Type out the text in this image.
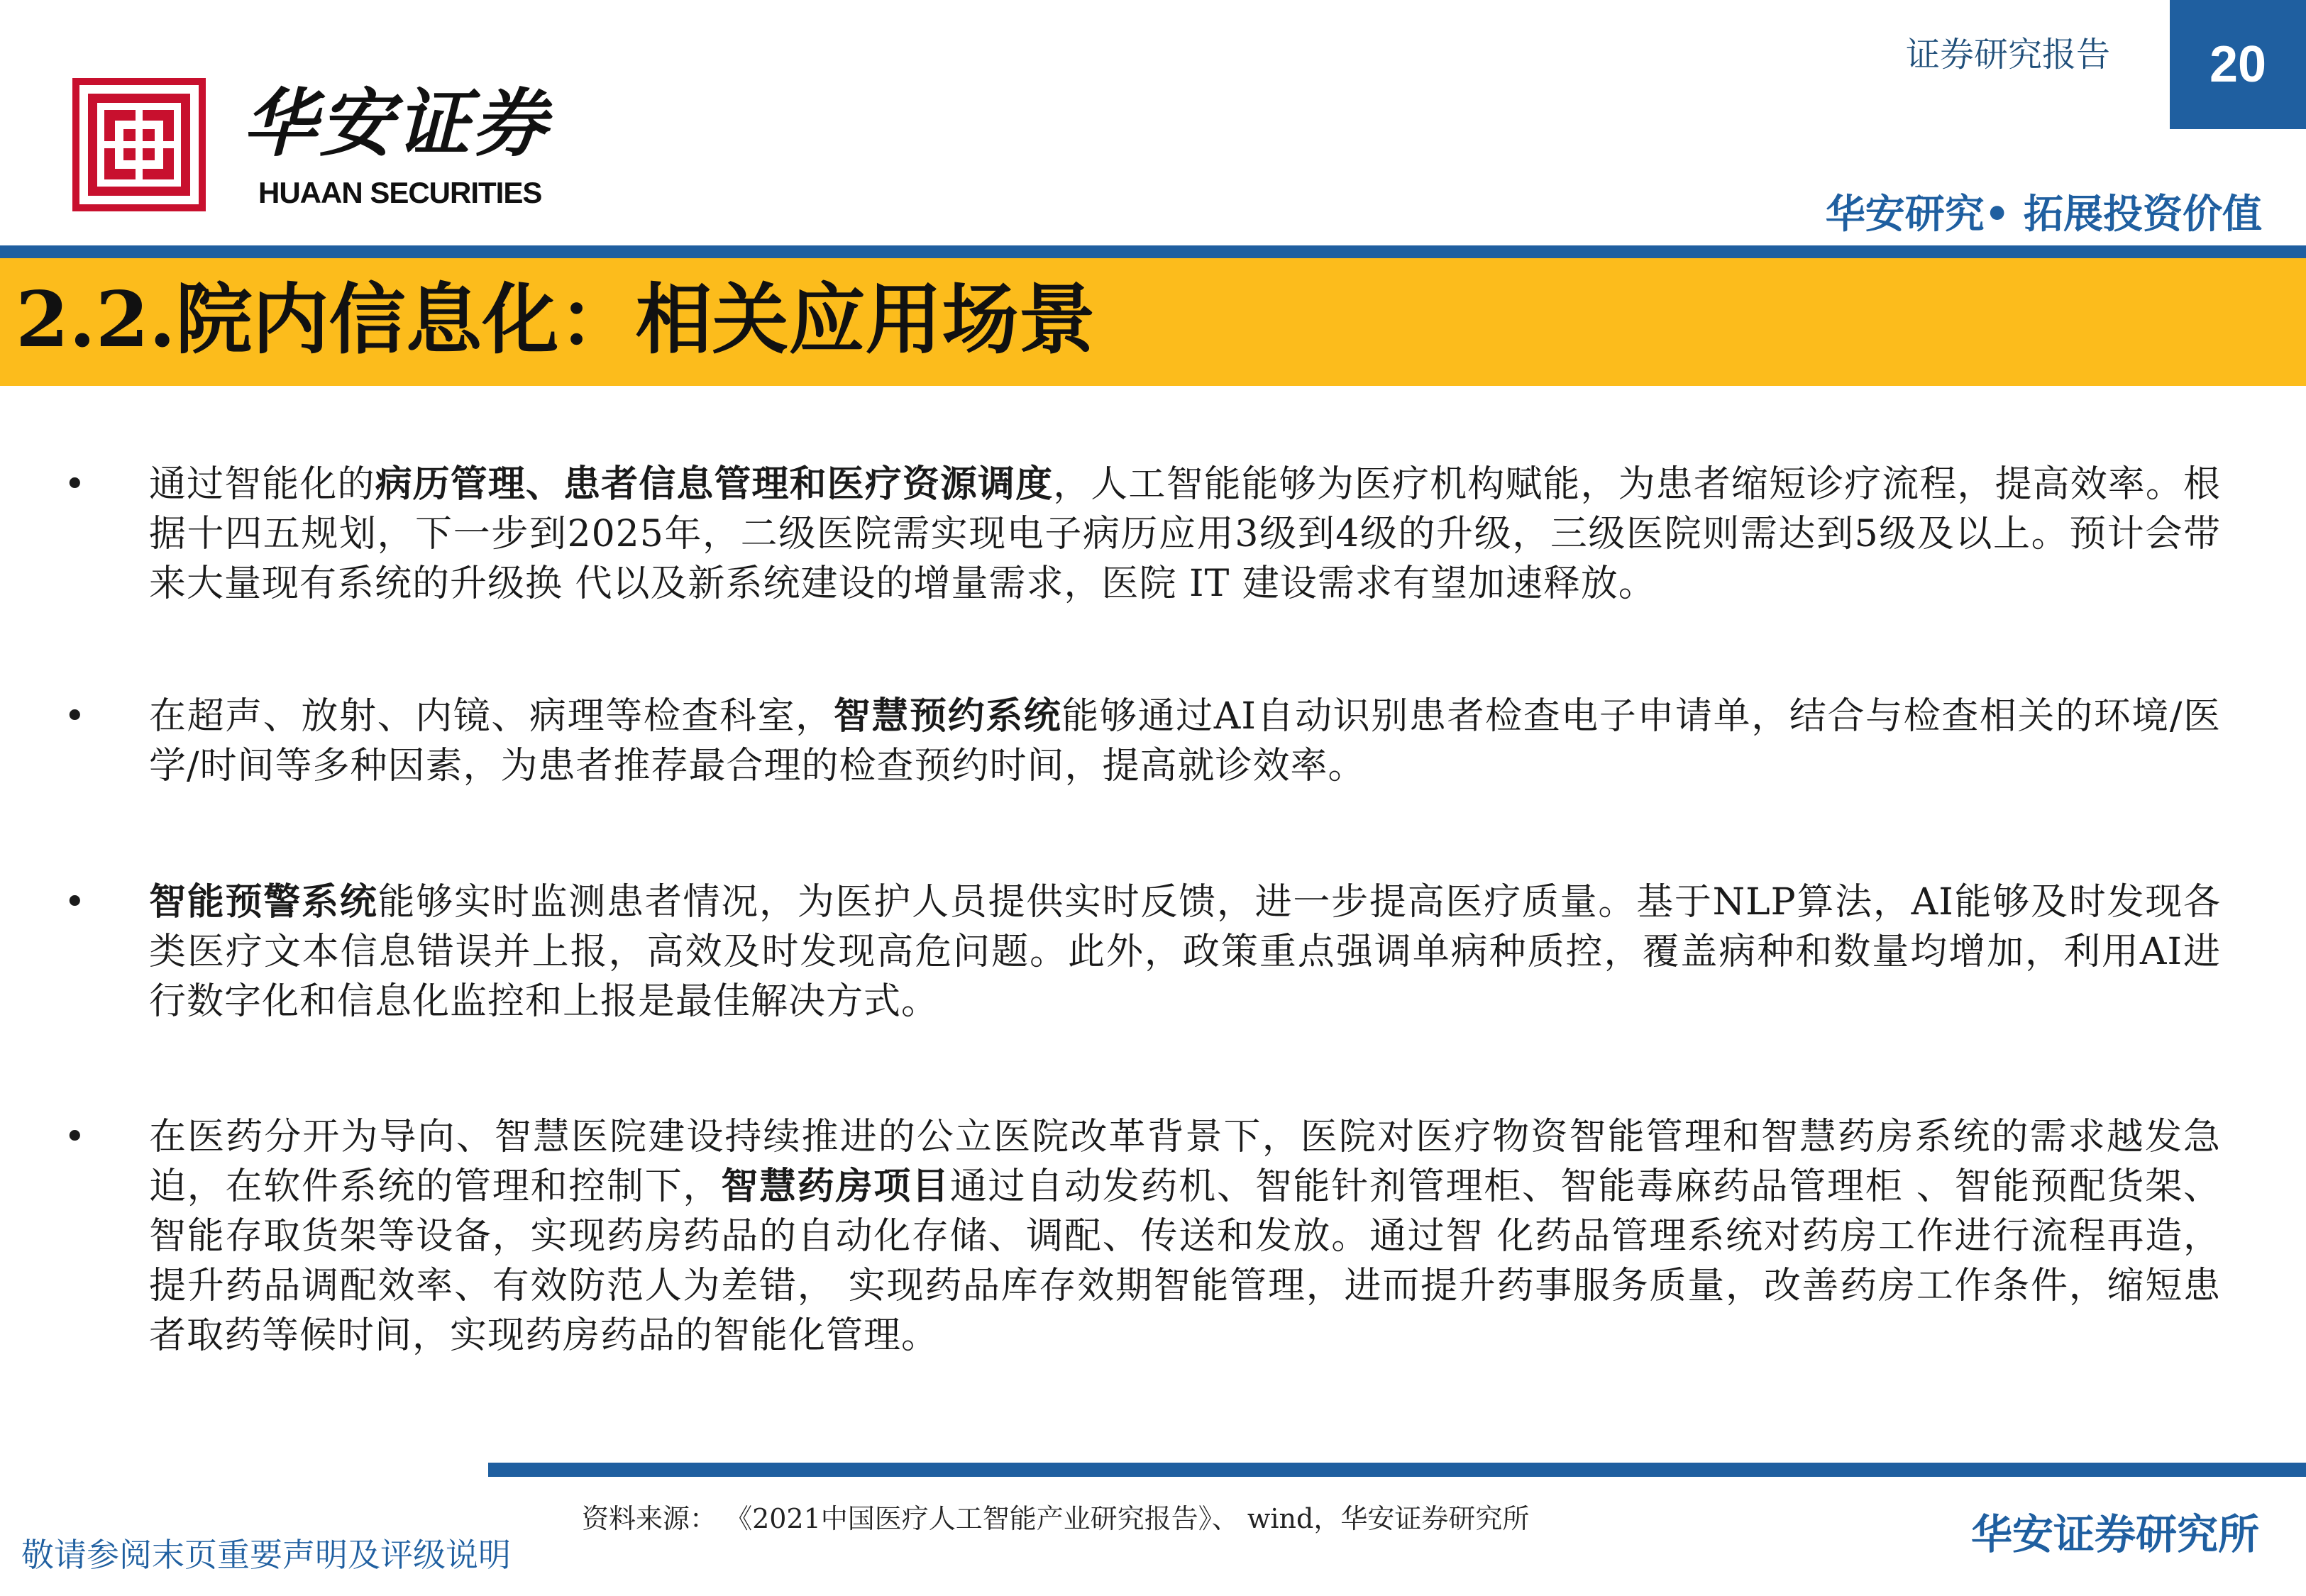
华安证券
HUAAN SECURITIES
证券研究报告 20
华安研究• 拓展投资价值
2.2.院内信息化：相关应用场景
• 通过智能化的病历管理、患者信息管理和医疗资源调度，人工智能能够为医疗机构赋能，为患者缩短诊疗流程，提高效率。根据十四五规划，下一步到2025年，二级医院需实现电子病历应用3级到4级的升级，三级医院则需达到5级及以上。预计会带来大量现有系统的升级换 代以及新系统建设的增量需求，医院 IT 建设需求有望加速释放。
• 在超声、放射、内镜、病理等检查科室，智慧预约系统能够通过AI自动识别患者检查电子申请单，结合与检查相关的环境/医学/时间等多种因素，为患者推荐最合理的检查预约时间，提高就诊效率。
• 智能预警系统能够实时监测患者情况，为医护人员提供实时反馈，进一步提高医疗质量。基于NLP算法，AI能够及时发现各类医疗文本信息错误并上报，高效及时发现高危问题。此外，政策重点强调单病种质控，覆盖病种和数量均增加，利用AI进行数字化和信息化监控和上报是最佳解决方式。
• 在医药分开为导向、智慧医院建设持续推进的公立医院改革背景下，医院对医疗物资智能管理和智慧药房系统的需求越发急迫，在软件系统的管理和控制下，智慧药房项目通过自动发药机、智能针剂管理柜、智能毒麻药品管理柜 、智能预配货架、 智能存取货架等设备，实现药房药品的自动化存储、调配、传送和发放。通过智 化药品管理系统对药房工作进行流程再造，提升药品调配效率、有效防范人为差错， 实现药品库存效期智能管理，进而提升药事服务质量，改善药房工作条件，缩短患 者取药等候时间，实现药房药品的智能化管理。
资料来源： 《2021中国医疗人工智能产业研究报告》、 wind，华安证券研究所
敬请参阅末页重要声明及评级说明	华安证券研究所
